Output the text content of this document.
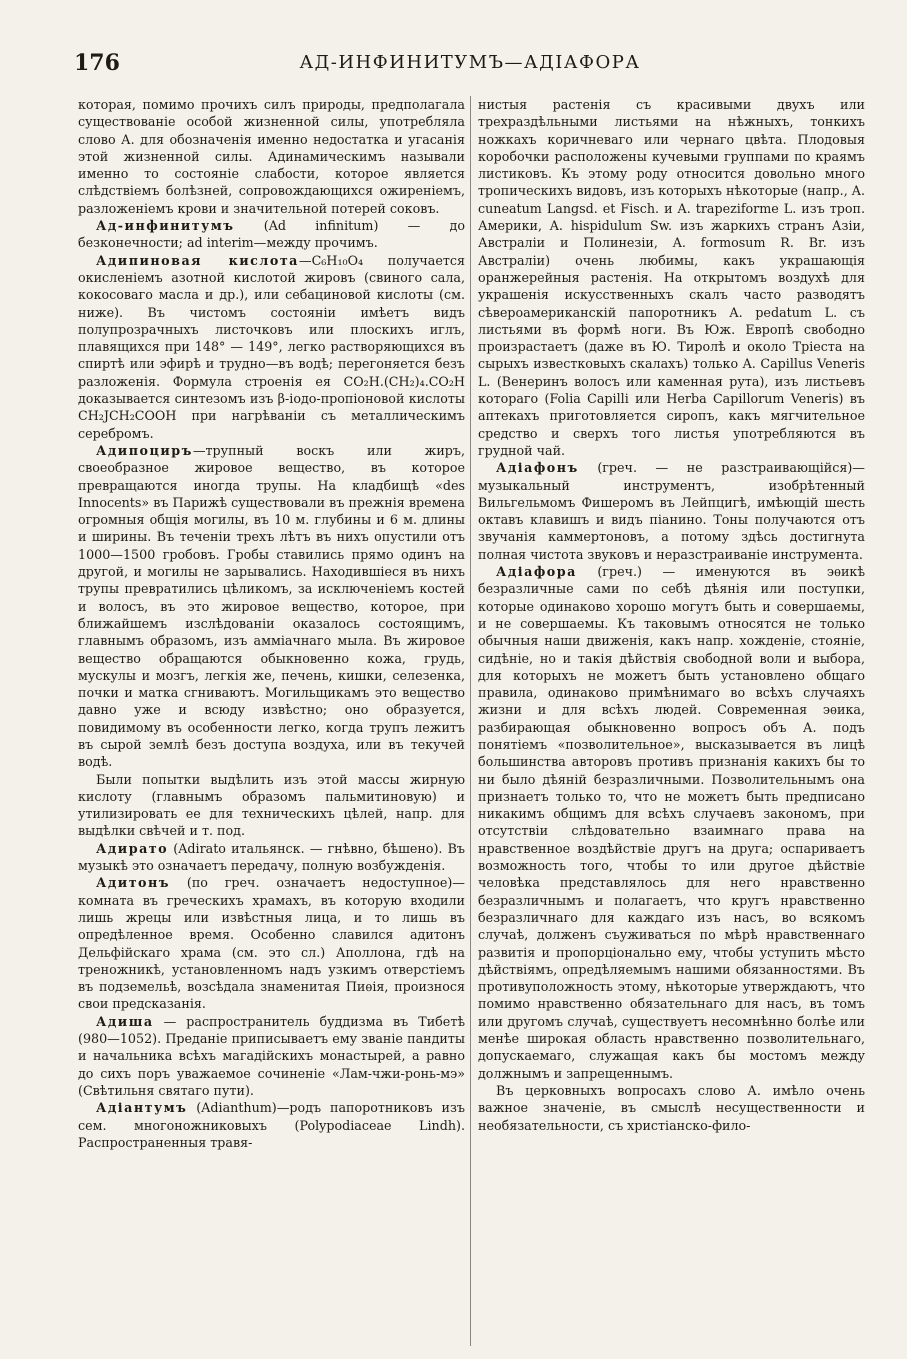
176	АД-ИНФИНИТУМЪ—АДІАФОРА

которая, помимо прочихъ силъ природы, предполагала существованіе особой жизненной силы, употребляла слово А. для обозначенія именно недостатка и угасанія этой жизненной силы. Адинамическимъ называли именно то состояніе слабости, которое является слѣдствіемъ болѣзней, сопровождающихся ожиреніемъ, разложеніемъ крови и значительной потерей соковъ.

Ад-инфинитумъ (Ad infinitum) — до безконечности; ad interim—между прочимъ.

Адипиновая кислота—C₆H₁₀O₄ получается окисленіемъ азотной кислотой жировъ (свиного сала, кокосоваго масла и др.), или себациновой кислоты (см. ниже). Въ чистомъ состояніи имѣетъ видъ полупрозрачныхъ листочковъ или плоскихъ иглъ, плавящихся при 148° — 149°, легко растворяющихся въ спиртѣ или эфирѣ и трудно—въ водѣ; перегоняется безъ разложенія. Формула строенія ея CO₂H.(CH₂)₄.CO₂H доказывается синтезомъ изъ β-іодо-пропіоновой кислоты CH₂JCH₂COOH при нагрѣваніи съ металлическимъ серебромъ.

Адипоциръ—трупный воскъ или жиръ, своеобразное жировое вещество, въ которое превращаются иногда трупы. На кладбищѣ «des Innocents» въ Парижѣ существовали въ прежнія времена огромныя общія могилы, въ 10 м. глубины и 6 м. длины и ширины. Въ теченіи трехъ лѣтъ въ нихъ опустили отъ 1000—1500 гробовъ. Гробы ставились прямо одинъ на другой, и могилы не зарывались. Находившіеся въ нихъ трупы превратились цѣликомъ, за исключеніемъ костей и волосъ, въ это жировое вещество, которое, при ближайшемъ изслѣдованіи оказалось состоящимъ, главнымъ образомъ, изъ амміачнаго мыла. Въ жировое вещество обращаются обыкновенно кожа, грудь, мускулы и мозгъ, легкія же, печень, кишки, селезенка, почки и матка сгниваютъ. Могильщикамъ это вещество давно уже и всюду извѣстно; оно образуется, повидимому въ особенности легко, когда трупъ лежитъ въ сырой землѣ безъ доступа воздуха, или въ текучей водѣ.

Были попытки выдѣлить изъ этой массы жирную кислоту (главнымъ образомъ пальмитиновую) и утилизировать ее для техническихъ цѣлей, напр. для выдѣлки свѣчей и т. под.

Адирато (Adirato итальянск. — гнѣвно, бѣшено). Въ музыкѣ это означаетъ передачу, полную возбужденія.

Адитонъ (по греч. означаетъ недоступное)—комната въ греческихъ храмахъ, въ которую входили лишь жрецы или извѣстныя лица, и то лишь въ опредѣленное время. Особенно славился адитонъ Дельфійскаго храма (см. это сл.) Аполлона, гдѣ на треножникѣ, установленномъ надъ узкимъ отверстіемъ въ подземельѣ, возсѣдала знаменитая Пиѳія, произнося свои предсказанія.

Адиша — распространитель буддизма въ Тибетѣ (980—1052). Преданіе приписываетъ ему званіе пандиты и начальника всѣхъ магадійскихъ монастырей, а равно до сихъ поръ уважаемое сочиненіе «Лам-чжи-ронь-мэ» (Свѣтильня святаго пути).

Адіантумъ (Adianthum)—родъ папоротниковъ изъ сем. многоножниковыхъ (Polypodiaceae Lindh). Распространенныя травя-

нистыя растенія съ красивыми двухъ или трехраздѣльными листьями на нѣжныхъ, тонкихъ ножкахъ коричневаго или чернаго цвѣта. Плодовыя коробочки расположены кучевыми группами по краямъ листиковъ. Къ этому роду относится довольно много тропическихъ видовъ, изъ которыхъ нѣкоторые (напр., A. cuneatum Langsd. et Fisch. и A. trapeziforme L. изъ троп. Америки, A. hispidulum Sw. изъ жаркихъ странъ Азіи, Австраліи и Полинезіи, A. formosum R. Br. изъ Австраліи) очень любимы, какъ украшающія оранжерейныя растенія. На открытомъ воздухѣ для украшенія искусственныхъ скалъ часто разводятъ сѣвероамериканскій папоротникъ A. pedatum L. съ листьями въ формѣ ноги. Въ Юж. Европѣ свободно произрастаетъ (даже въ Ю. Тиролѣ и около Тріеста на сырыхъ известковыхъ скалахъ) только A. Capillus Veneris L. (Венеринъ волосъ или каменная рута), изъ листьевъ котораго (Folia Capilli или Herba Capillorum Veneris) въ аптекахъ приготовляется сиропъ, какъ мягчительное средство и сверхъ того листья употребляются въ грудной чай.

Адіафонъ (греч. — не разстраивающійся)—музыкальный инструментъ, изобрѣтенный Вильгельмомъ Фишеромъ въ Лейпцигѣ, имѣющій шесть октавъ клавишъ и видъ піанино. Тоны получаются отъ звучанія каммертоновъ, а потому здѣсь достигнута полная чистота звуковъ и неразстраиваніе инструмента.

Адіафора (греч.) — именуются въ эѳикѣ безразличные сами по себѣ дѣянія или поступки, которые одинаково хорошо могутъ быть и совершаемы, и не совершаемы. Къ таковымъ относятся не только обычныя наши движенія, какъ напр. хожденіе, стояніе, сидѣніе, но и такія дѣйствія свободной воли и выбора, для которыхъ не можетъ быть установлено общаго правила, одинаково примѣнимаго во всѣхъ случаяхъ жизни и для всѣхъ людей. Современная эѳика, разбирающая обыкновенно вопросъ объ А. подъ понятіемъ «позволительное», высказывается въ лицѣ большинства авторовъ противъ признанія какихъ бы то ни было дѣяній безразличными. Позволительнымъ она признаетъ только то, что не можетъ быть предписано никакимъ общимъ для всѣхъ случаевъ закономъ, при отсутствіи слѣдовательно взаимнаго права на нравственное воздѣйствіе другъ на друга; оспариваетъ возможность того, чтобы то или другое дѣйствіе человѣка представлялось для него нравственно безразличнымъ и полагаетъ, что кругъ нравственно безразличнаго для каждаго изъ насъ, во всякомъ случаѣ, долженъ съуживаться по мѣрѣ нравственнаго развитія и пропорціонально ему, чтобы уступить мѣсто дѣйствіямъ, опредѣляемымъ нашими обязанностями. Въ противуположность этому, нѣкоторые утверждаютъ, что помимо нравственно обязательнаго для насъ, въ томъ или другомъ случаѣ, существуетъ несомнѣнно болѣе или менѣе широкая область нравственно позволительнаго, допускаемаго, служащая какъ бы мостомъ между должнымъ и запрещеннымъ.

Въ церковныхъ вопросахъ слово А. имѣло очень важное значеніе, въ смыслѣ несущественности и необязательности, съ христіанско-фило-
